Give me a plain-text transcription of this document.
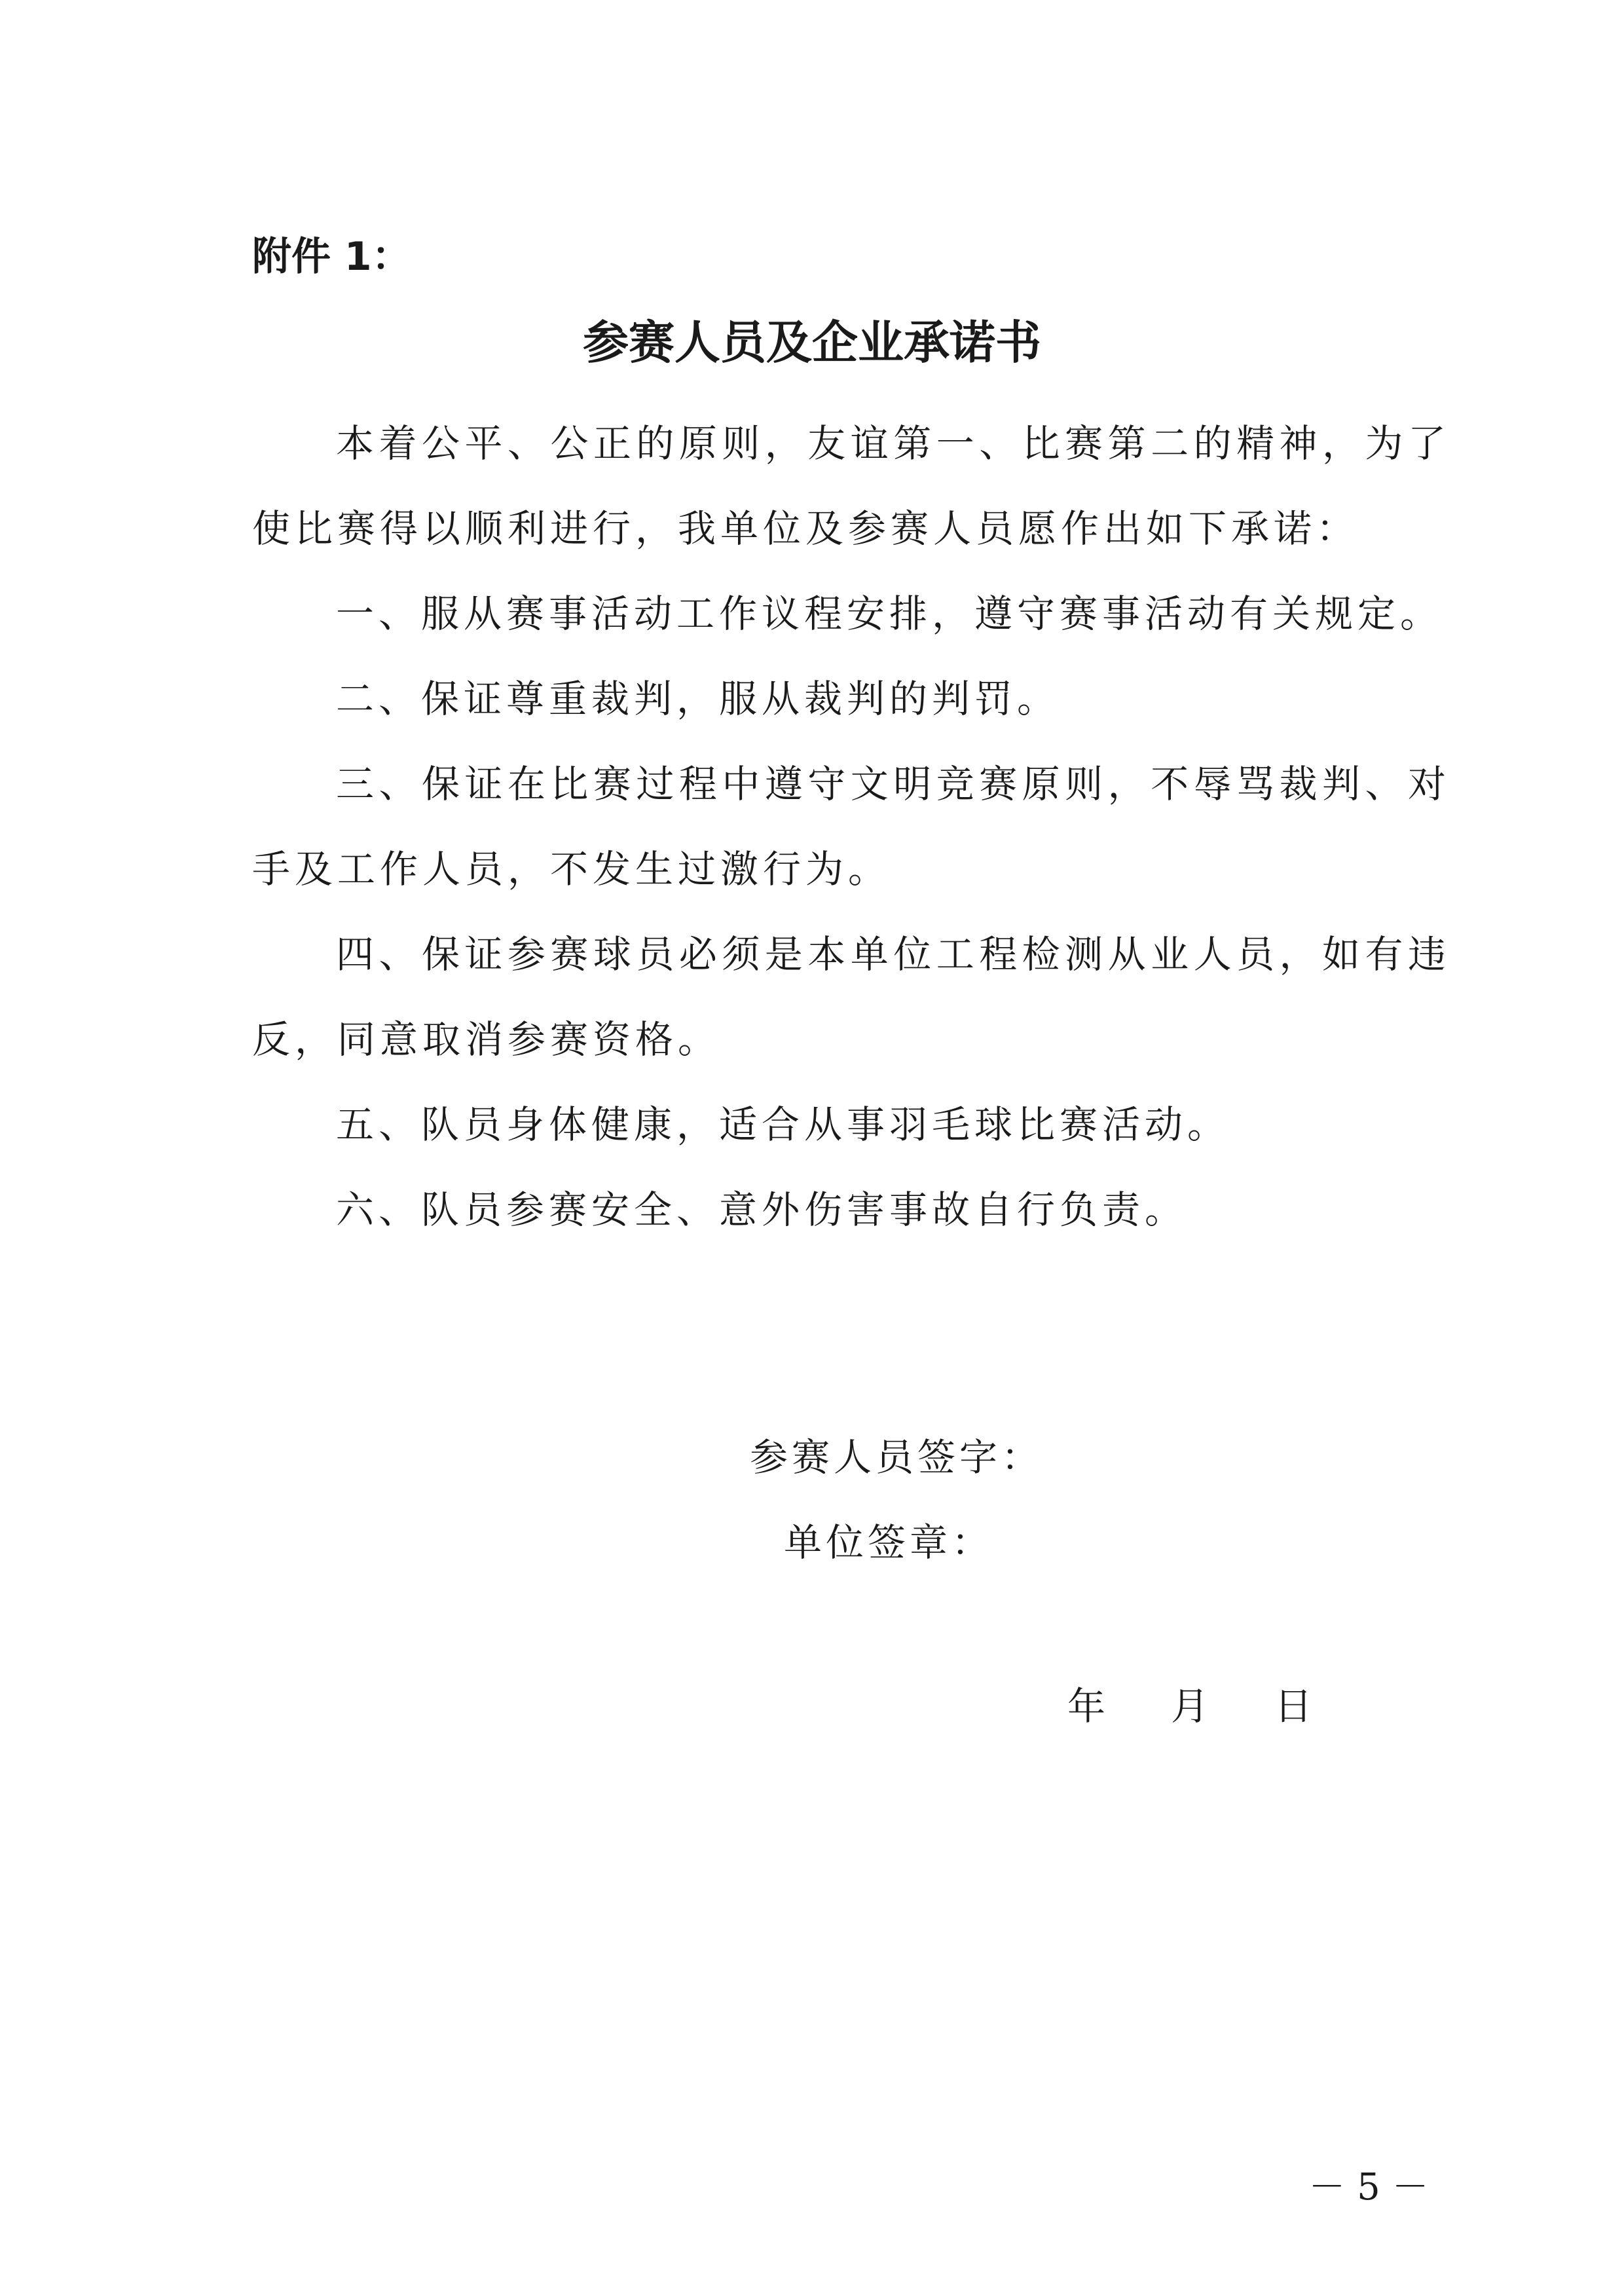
附件 1：
参赛人员及企业承诺书

本着公平、公正的原则，友谊第一、比赛第二的精神，为了使比赛得以顺利进行，我单位及参赛人员愿作出如下承诺：

一、服从赛事活动工作议程安排，遵守赛事活动有关规定。

二、保证尊重裁判，服从裁判的判罚。

三、保证在比赛过程中遵守文明竞赛原则，不辱骂裁判、对手及工作人员，不发生过激行为。

四、保证参赛球员必须是本单位工程检测从业人员，如有违反，同意取消参赛资格。

五、队员身体健康，适合从事羽毛球比赛活动。

六、队员参赛安全、意外伤害事故自行负责。

参赛人员签字：
单位签章：
年 月 日
－ 5 －
